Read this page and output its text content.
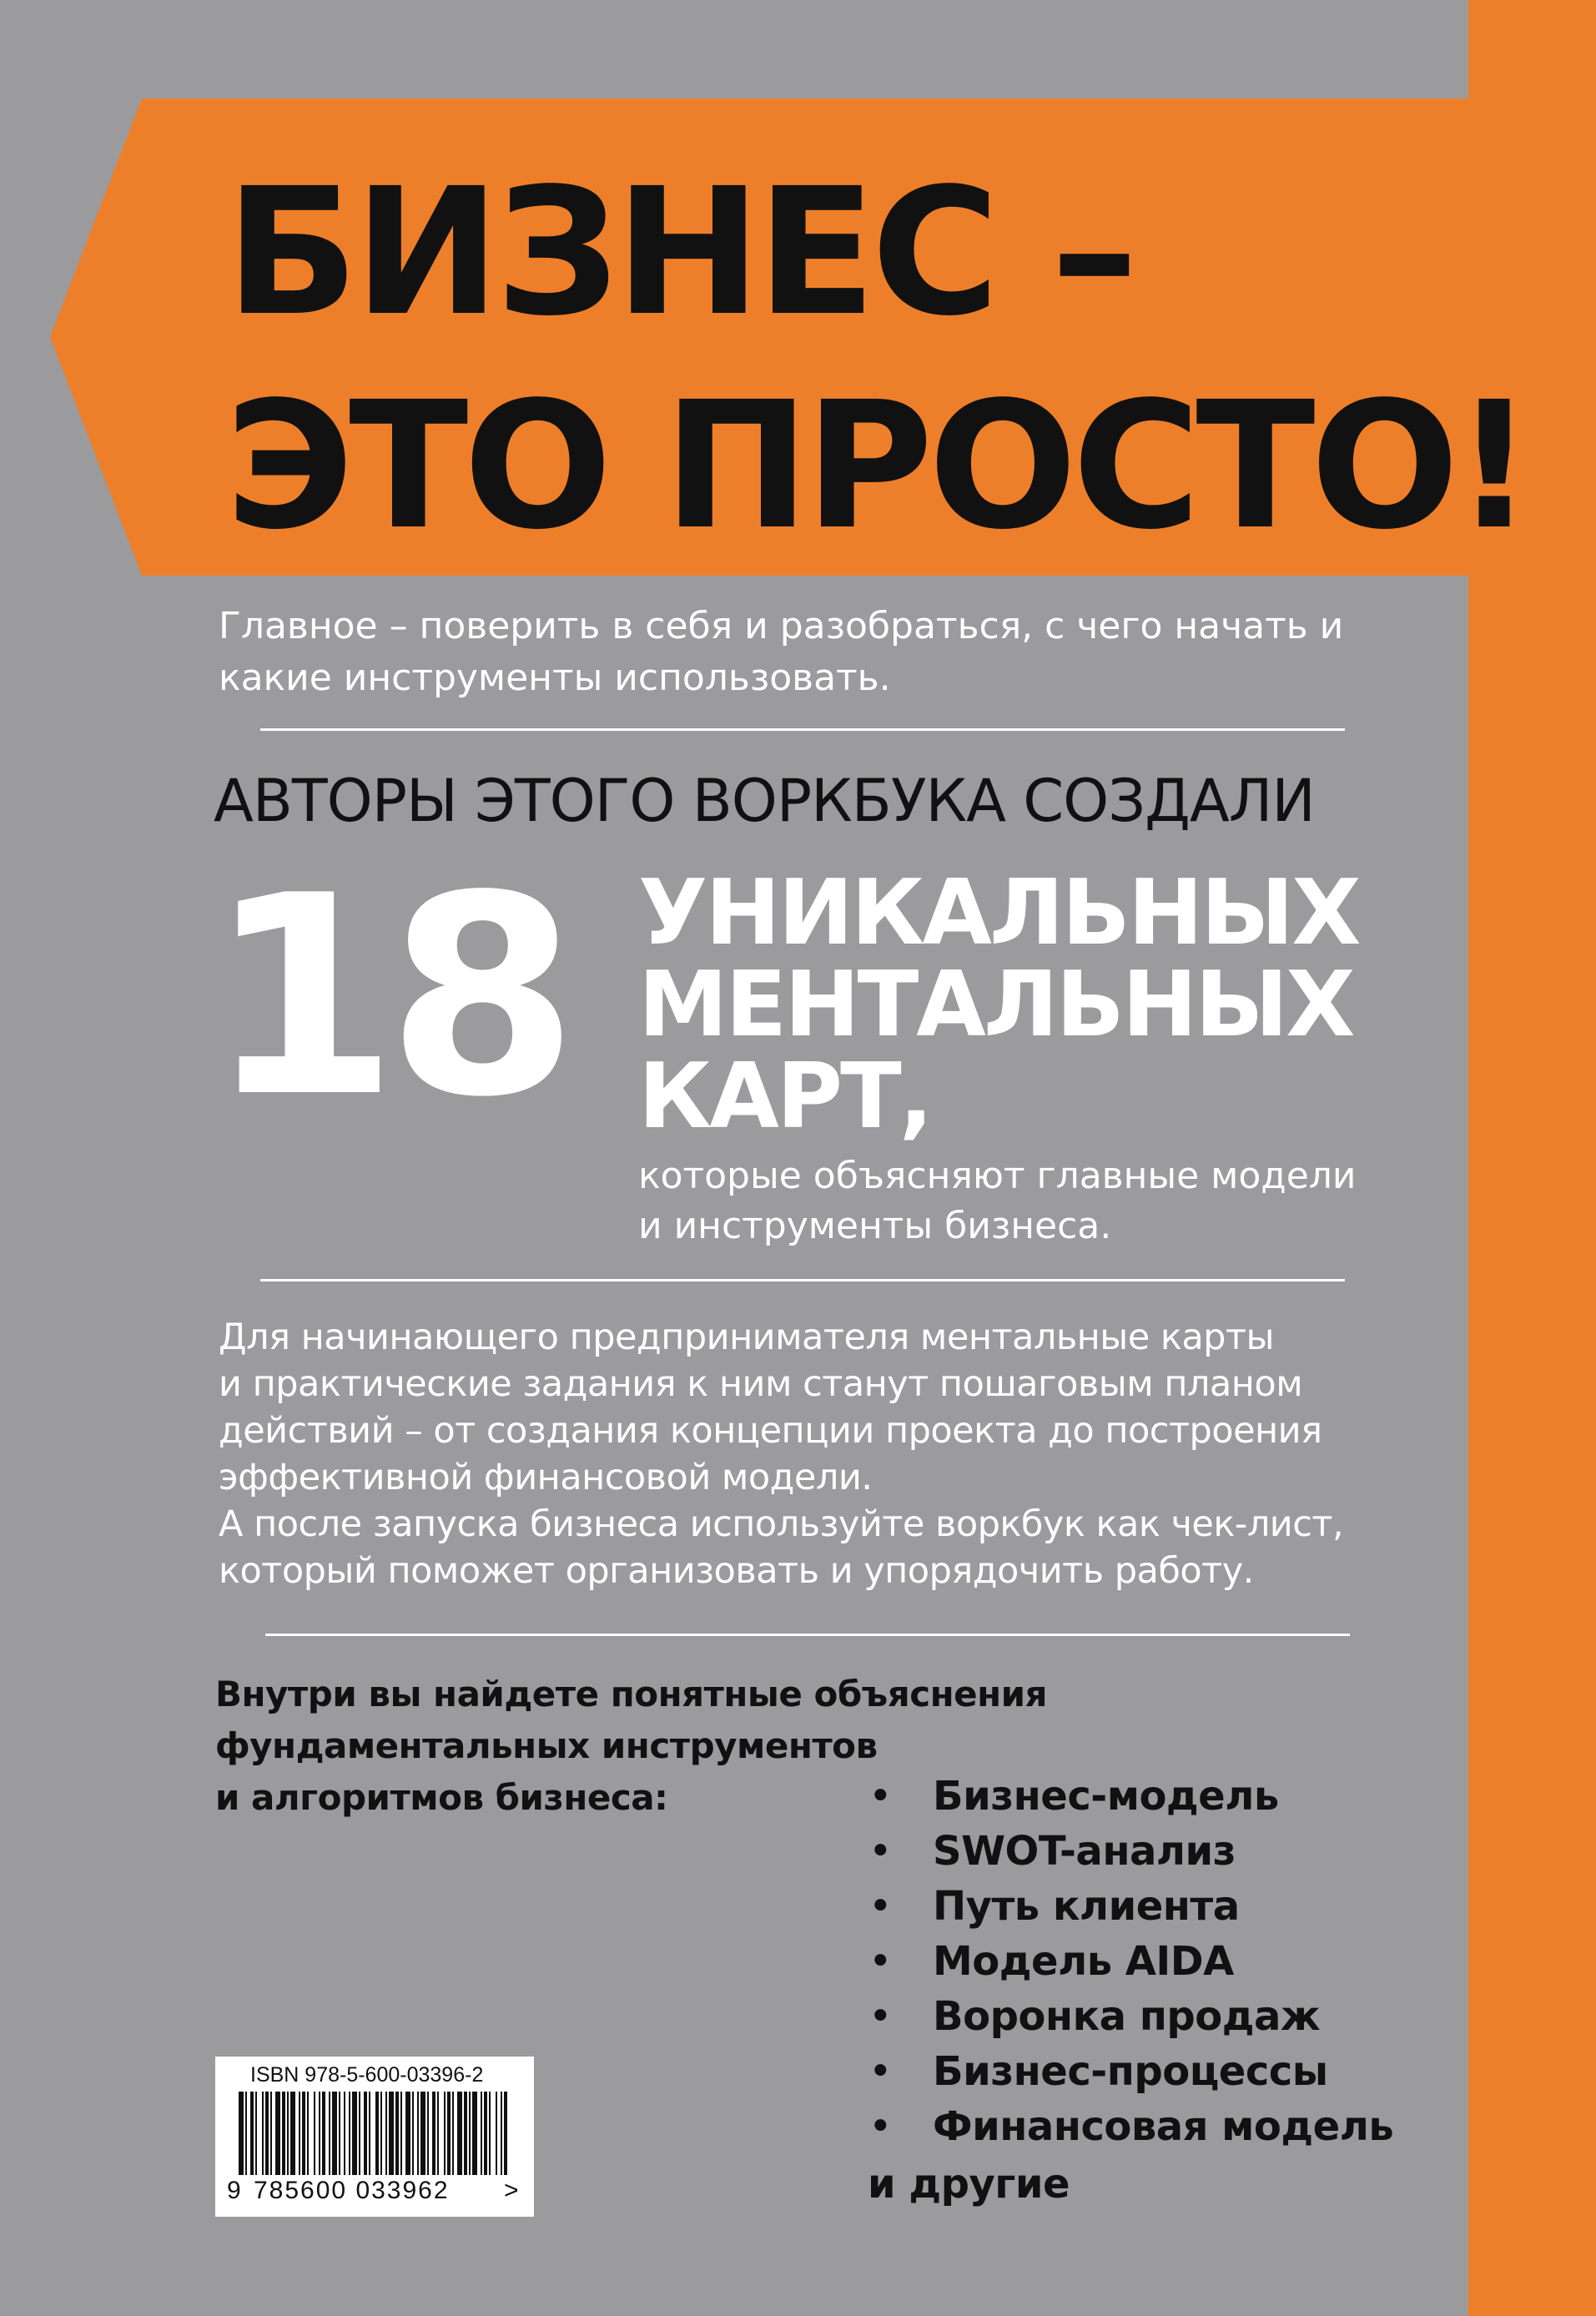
БИЗНЕС –
ЭТО ПРОСТО!
Главное – поверить в себя и разобраться, с чего начать и какие инструменты использовать.
АВТОРЫ ЭТОГО ВОРКБУКА СОЗДАЛИ
18 УНИКАЛЬНЫХ
МЕНТАЛЬНЫХ
КАРТ,
которые объясняют главные модели
и инструменты бизнеса.
Для начинающего предпринимателя ментальные карты
и практические задания к ним станут пошаговым планом
действий – от создания концепции проекта до построения
эффективной финансовой модели.
А после запуска бизнеса используйте воркбук как чек-лист,
который поможет организовать и упорядочить работу.
Внутри вы найдете понятные объяснения
фундаментальных инструментов
и алгоритмов бизнеса:	• Бизнес-модель
• SWOT-анализ
• Путь клиента
• Модель AIDA
• Воронка продаж
• Бизнес-процессы
• Финансовая модель
и другие
ISBN 978-5-600-03396-2
9 785600 033962 >
